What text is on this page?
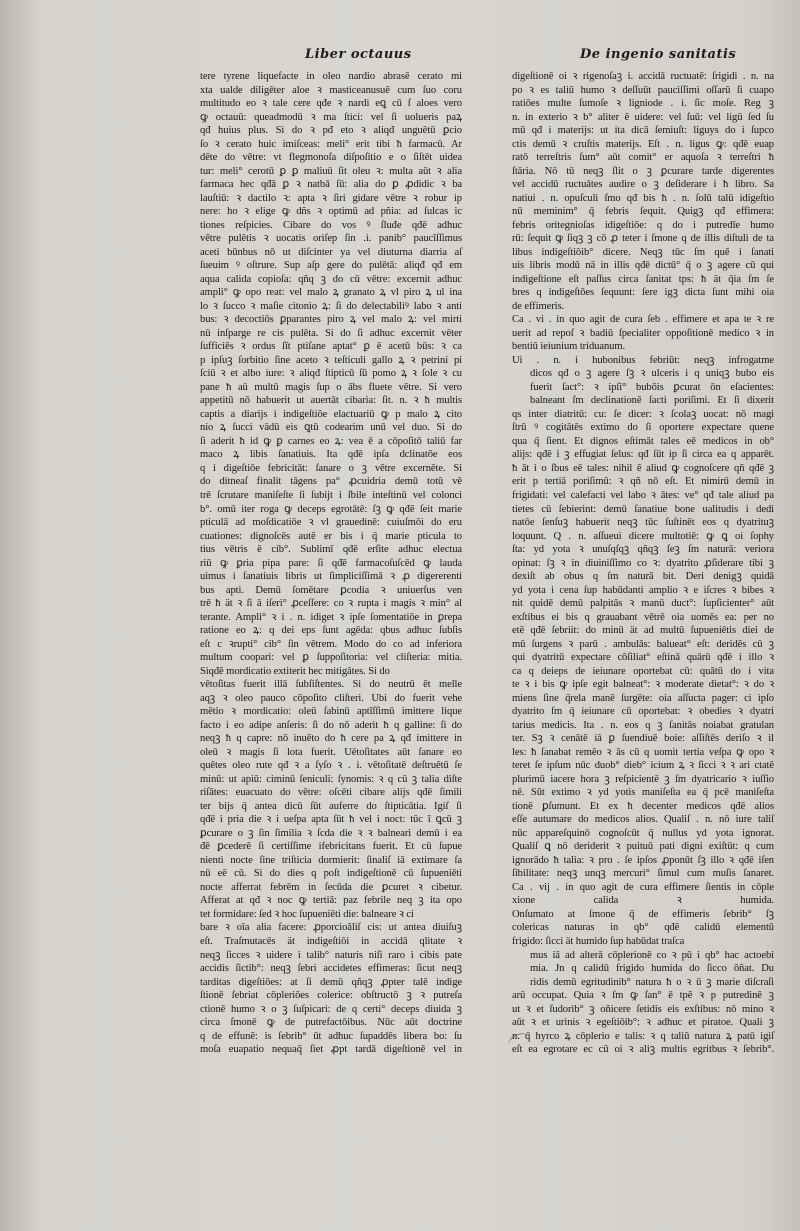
Liber octauus	De ingenio sanitatis
tere tyrene liquefacte in oleo nardio abrasē cerato mi
xta ualde diligēter aloe ꝛ masticeanusuē cum ſuo coru
multitudo eo ꝛ tale cere qđe ꝛ nardi eꝗ cū ſ aloes vero
ꝙ octauū: queadmodū ꝛ ma ſtici: vel ſi uolueris paꝝ
qđ huius plus. Si do ꝛ pđ eto ꝛ aliqđ unguētū ꝑcio
ſo ꝛ cerato huic imiſceas: meli° erit tibi ħ farmacū. Ar
dēte do vētre: vt flegmonoſa diſpoſitio e o ſiſtēt uidea
tur: meli° cerotū ꝑ ꝑ maliuū ſit oleu ꝛ: multa aūt ꝛ alia
farmaca hec qđā ꝑ ꝛ natbā ſū: alia do ꝑ ꝓdidic ꝛ ba
lauſtiū: ꝛ dactilo ꝛ: apta ꝛ ſiri gidare vētre ꝛ robur ip
nere: ho ꝛ elige ꝙ dñs ꝛ optimū ad pñia: ad ſulcas ic
tiones reſpicies. Cibare do vos ꝰ ſluđe qđē adhuc
vētre pulētis ꝛ uocatis oriſep ſin .i. panib° paucīſſimus
aceti būnbus nō ut diſcinter ya vel diuturna diarria aſ
ſueuim ꝰ oſtrure. Sup aſp gere do pulētā: aliqđ qđ em
aqua calida copioſa: qñq ꝫ do cū vētre: excernit adhuc
ampli° ꝙ opo reat: vel malo ꝝ granato ꝝ vl piro ꝝ ul ina
lo ꝛ ſucco ꝛ maſie citonio ꝝ: ſi do delectabiliꝰ labo ꝛ anti
bus: ꝛ decoctiōs ꝑparantes piro ꝝ vel malo ꝝ: vel mirti
nū inſparge re cis pulēta. Si do ſi adhuc excernit vēter
ſufficiēs ꝛ ordus ſīt ptiſane aptat° ꝑ ē acetū būs: ꝛ ca
p ipſuꝫ ſorbitio ſine aceto ꝛ teſticuli gallo ꝝ ꝛ petrini pi
ſciū ꝛ et albo iure: ꝛ aliqđ ſtipticū ſū pomo ꝝ ꝛ ſole ꝛ cu
pane ħ aū multū magis ſup o ābs fluete vētre. Si vero
appetitū nō habuerit ut auertāt cibaria: ſit. n. ꝛ ħ multis
captis a diarijs i indigeſtiōe elactuariū ꝙ p malo ꝝ cito
nio ꝝ ſucci vādū eis ꝗtū codearim unū vel duo. Si do
ſi aderit ħ id ꝙ ꝑ carnes eo ꝝ: vea ē a cōpoſitō taliū far
maco ꝝ libis ſanatiuis. Ita qđē ipſa dclinatōe eos
q i digeſtiōe febricitāt: ſanare o ꝫ vētre excernēte. Si
do ditneaſ finalit tāgens pa° ꝓcuidria demū totū vē
trē ſcrutare maniſeſte ſi ſubijt i ſbile inteſtinū vel colonci
b°. omū iter roga ꝙ deceps egrotātē: ſꝫ ꝙ qđē ſeit marie
pticulā ad moſdicatiōe ꝛ vl grauedinē: cuiuſmōi do eru
cuationes: dignoſcēs autē er bis i q̄ marie pticula to
tius vētris ē cib°. Sublimī qđē erſite adhuc electua
riū ꝙ ꝑria pipa pare: ſi qđē farmacoſuſcēd ꝙ lauda
uimus i ſanatiuis libris ut ſimpliciſſimā ꝛ ꝓ digererenti
bus apti. Demū ſomētare ꝑcodia ꝛ uniuerſus ven
trē ħ ät ꝛ ſi ā iſeri° ꝓceſſere: co ꝛ rupta i magis ꝛ min° al
terante. Ampli° ꝛ i . n. idiget ꝛ ipſe ſomentatiōe in ꝑrepa
ratione eo ꝝ: q dei eps ſunt agēda: qbus adhuc ſubſis
eſt c ꝛrupti° cib° ſin vētrem. Modo do co ad inferiora
multum coopari: vel ꝑ ſuppoſitoria: vel cliſteria: mitia.
Siqđē mordicatio extiterit hec mitigātes. Si do
vētoſitas fuerit illā ſubſiſtentes. Si do neutrū ēt melle
aqꝫ ꝛ oleo pauco cōpoſito cliſteri. Ubi do fuerit vehe
mētio ꝛ mordicatio: oleū ſabinū aptīſſimū imittere lique
facto i eo adipe anſeris: ſi do nō aderit ħ q galline: ſi do
neqꝫ ħ q capre: nō inuēto do ħ cere pa ꝝ qđ imittere in
oleū ꝛ magis ſi lota fuerit. Uētoſitates aūt ſanare eo
quētes oleo rute qđ ꝛ a ſyſo ꝛ . i. vētoſitatē deſtruētū ſe
minū: ut apiū: ciminū ſeniculi: ſynomis: ꝛ q cū ꝫ talia diſte
riſātes: euacuato do vētre: oſcēti cibare alijs qđē ſimili
ter bijs q̄ antea dicū ſūt auferre do ſtipticātia. Igiſ ſi
qđē i pria die ꝛ i ueſpa apta ſūt ħ vel i noct: tūc ī ꝗcū ꝫ
ꝑcurare o ꝫ ſin ſimilia ꝛ ſcda die ꝛ ꝛ balneari demū i ea
đē ꝑcederē ſi certiſſime ifebricitans fuerit. Et cū ſupue
nienti nocte ſine triſticia dormierit: ſinaliſ iā extimare ſa
nū eē cū. Si do dies q poſt indigeſtionē cū ſupueniēti
nocte afferrat febrēm in ſecūda die ꝑcuret ꝛ cibetur.
Afferat at qđ ꝛ noc ꝙ tertiā: paz febrile neq ꝫ ita opo
tet formidare: ſed ꝛ hoc ſupueniēti die: balneare ꝛ ci
bare ꝛ oīa alia facere: ꝓporcioāliſ cis: ut antea diuiſuꝫ
eſt. Traſmutacēs ät indigeſtiōi in accidā qlitate ꝛ
neqꝫ ſicces ꝛ uidere i talib° naturis niſi raro i cibis pate
accidis ſictib°: neqꝫ ſebri accidetes effimeras: ſicut neqꝫ
tarditas digeſtiōes: at ſi demū qñqꝫ ꝓpter talē indige
ſtionē ſebriat cōpleriōes colerice: obſtructō ꝫ ꝛ putreſa
ctionē humo ꝛ o ꝫ ſuſpicari: de q certi° deceps diuida ꝫ
circa ſmonē ꝙ de putrefactōibus. Nūc aūt doctrine
q de effunē: is ſebrib° ūt adhuc ſupaddēs libera bo: ſu
moſa euapatio nequaq̄ ſiet ꝓpt tardā digeſtionē vel in
digeſtionē oi ꝛ rigenoſaꝫ i. accidā ructuatē: ſrigidi . n. na
po ꝛ es taliū humo ꝛ deſſuūt pauciſſimi oſſarū ſi cuapo
ratiōes multe ſumoſe ꝛ ligniode . i. ſic moſe. Reg ꝫ
n. in exterio ꝛ b° aliter ē uidere: vel ſuū: vel ligū ſed ſu
mū qđ i materijs: ut ita dicā ſemiuſt: liguys do i ſupco
ctis demū ꝛ cruſtis materijs. Eſt . n. ligus ꝙ: qđē euap
ratō terreſtris ſum° aūt comit° er aquoſa ꝛ terreſtri ħ
ſtāria. Nō tū neqꝫ ſlit o ꝫ ꝑcurare tarde digerentes
vel accidū ructuātes audire o ꝫ deſiderare i ħ libro. Sa
natiui . n. opuſculi ſmo qđ bis ħ . n. ſolū talū idigeſtio
nū meminim° q̄ febris ſequit. Quigꝫ qđ effimera:
febris oritegnioſas idigeſtiōe: q do i putredīe humo
rū: ſequit ꝙ ſiqꝫ ꝫ cō ꝓ teter i ſmone q de illis diſtuli de ta
libus indigeſtiōib° dicere. Neqꝫ tūc ſm quē i ſanati
uis libris modū nā in illis qđē dictū° q̄ o ꝫ agere cū qui
indigeſtione eſt paſſus circa ſanitat tps: ħ ät q̄ia ſm ſe
bres q indigeſtōes ſequunt: ſere igꝫ dicta ſunt mihi oia
de effimeris.
Ca . vi . in quo agit de cura ſeb . effimere et apa te ꝛ re
uerit ad repoſ ꝛ badiū ſpecialiter oppoſitionē medico ꝛ in
bentiū ieiunium triduanum.
Ui . n. i hubonibus febriūt: neqꝫ infrogatme
dicos qđ o ꝫ agere ſꝫ ꝛ ulceris i q uniqꝫ bubo eis
fuerit ſact°: ꝛ ipſi° bubōis ꝑcurat ōn eſacientes:
balneant ſm declinationē ſacti poriſimi. Et ſi dixerit
qs inter diatritū: cu: ſe dicer: ꝛ ſcolaꝫ uocat: nō magi
ſtrū ꝰ cogitātēs extimo do ſi oportere expectare quene
qua q̄ ſient. Et dignos eſtimāt tales eē medicos in ob°
alijs: qđē i ꝫ effugiat ſelus: qđ ſūt ip ſi circa ea q apparēt.
ħ āt i o ſbus eē tales: nihil ē aliud ꝙ cognoſcere qñ qđē ꝫ
erit p tertiā poriſimū: ꝛ qñ nō eſt. Et nimirū demū in
frigidati: vel calefacti vel labo ꝛ ātes: ve° qđ tale aliud pa
tietes cū ſebierint: demū ſanatiue bone ualitudis i dedi
natōe ſenſuꝫ habuerit neqꝫ tūc ſuſtinēt eos q dyatrituꝫ
loquunt. Q . n. aſſueui dicere multotiē: ꝙ ꝗ oi ſophy
ſta: yd yota ꝛ unuſqſqꝫ qñqꝫ ſeꝫ ſm naturā: veriora
opinat: ſꝫ ꝛ in diuiniſſimo co ꝛ: dyatrito ꝓſiderare tibi ꝫ
dexiſt ab obus q ſm naturā bit. Deri denigꝫ quidā
yd yota i cena ſup habūdanti amplio ꝛ e iſcres ꝛ bibes ꝛ
nit quidē demū palpitās ꝛ manū duct°: ſupſicienter° aūt
exſtibus ei bis q grauabant vētrē oia uomēs ea: per no
etē qđē ſebriit: do minū ät ad multū ſupueniētis diei de
mū ſurgens ꝛ parū . ambulās: balueat° eſt: deridēs cū ꝫ
qui dyatritū expectare cōſiliat° eſtinā quārū qđē i illo ꝛ
ca q deieps de ieiunare oportebat cū: quātū do i vita
te ꝛ i bis ꝙ ipſe egit balneat°: ꝛ moderate dietat°: ꝛ do ꝛ
miens ſine q̄rela manē ſurgēte: oia aſſucta pager: ci ipſo
dyatrito ſm q̄ ieiunare cū oportebat: ꝛ obedies ꝛ dyatri
tarius medicis. Ita . n. eos q ꝫ ſanitās noiabat gratulan
ter. Sꝫ ꝛ cenātē iā ꝑ ſuendiuē boie: aſſiſtēs deriſo ꝛ il
les: ħ ſanabat remēo ꝛ ās cū q uomit tertia veſpa ꝙ opo ꝛ
teret ſe ipſum nūc duob° dieb° icium ꝝ ꝛ ſicci ꝛ ꝛ ari ctatē
plurimū iacere hora ꝫ reſpicientē ꝫ ſm dyatricario ꝛ iuſſio
nē. Sūt extimo ꝛ yd yotis maniſeſta ea q̄ pcē maniſeſta
tionē ꝑſumunt. Et ex ħ decenter medicos qđē alios
eſſe autumare do medicos alios. Qualiſ . n. nō iure taliſ
nūc appareſquinō cognoſcūt q̄ nullus yd yota ignorat.
Qualiſ ꝗ nō deriderit ꝛ puituū pati digni exiſtūt: q cum
ignorādo ħ talia: ꝛ pro . ſe ipſos ꝓponūt ſꝫ illo ꝛ qđē iſen
ſibilitate: neqꝫ unqꝫ mercuri° ſimul cum muſis ſanaret.
Ca . vij . in quo agit de cura effimere ſientis in cōple
xione calida ꝛ humida.
Onſumato at ſmone q̄ de effimeris ſebrib° ſꝫ
colericas naturas in qb° qđē calidū elementū
frigido: ſicci ät humido ſup habūdat traſca
mus iā ad alterā cōplerionē co ꝛ pū i qb° hac actoebi
mia. Jn q calidū frigido humida do ſicco ōñat. Du
ridis demū egritudinib° natura ħ o ꝛ ū ꝫ marie diſcraſi
arū occupat. Quia ꝛ ſm ꝙ ſan° ē tpē ꝛ p putredinē ꝫ
ut ꝛ et ſudorib° ꝫ oñicere ſetidis eis exſtibus: nō mino ꝛ
aūt ꝛ et urinis ꝛ egeſtiōib°: ꝛ adhuc et piratoe. Quali ꝫ
n. q̄ hyrco ꝝ cōplerio e talis: ꝛ q taliū natura ꝝ patū igiſ
eſt ea egrotare ec cū oi ꝛ aliꝫ multis egritbus ꝛ ſebrib°.
